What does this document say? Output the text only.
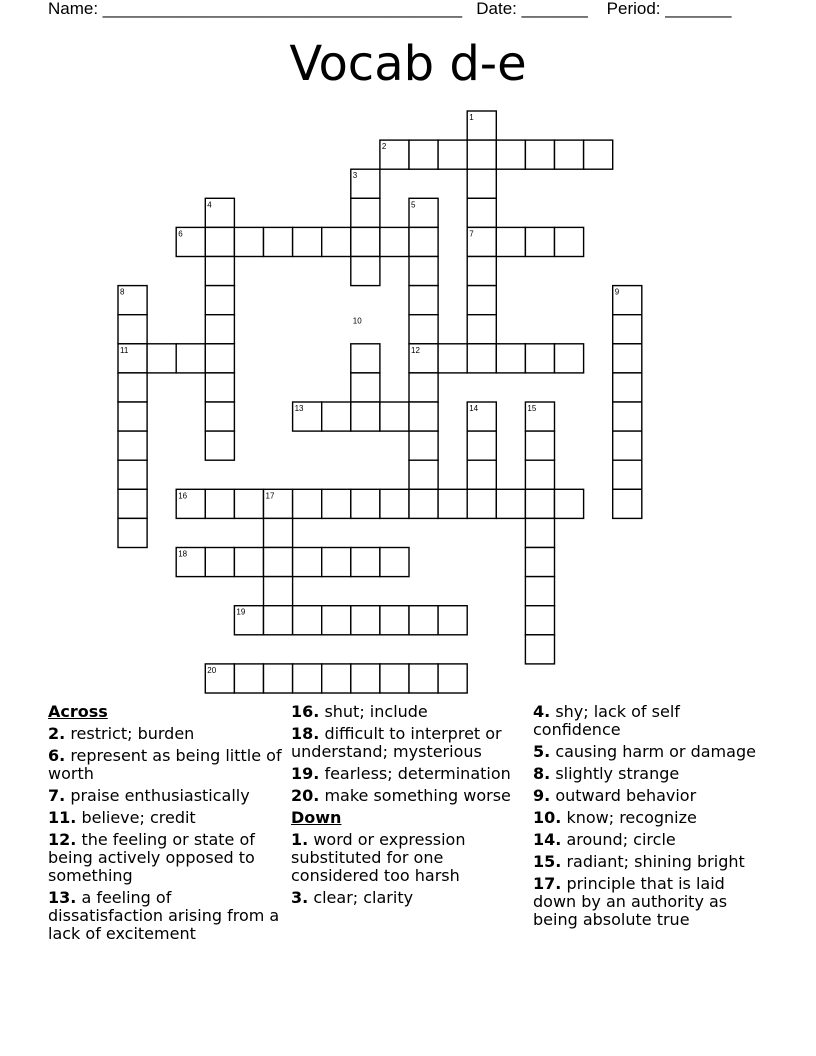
Name: ______________________________________   Date: _______    Period: _______
Vocab d-e
1
2
3
4	5
6	7
8	9
10
11	12
13	14	15
16	17
18
19
20
Across
2. restrict; burden
6. represent as being little of worth
7. praise enthusiastically
11. believe; credit
12. the feeling or state of being actively opposed to something
13. a feeling of dissatisfaction arising from a lack of excitement
16. shut; include
18. difficult to interpret or understand; mysterious
19. fearless; determination
20. make something worse
Down
1. word or expression substituted for one considered too harsh
3. clear; clarity
4. shy; lack of self confidence
5. causing harm or damage
8. slightly strange
9. outward behavior
10. know; recognize
14. around; circle
15. radiant; shining bright
17. principle that is laid down by an authority as being absolute true
